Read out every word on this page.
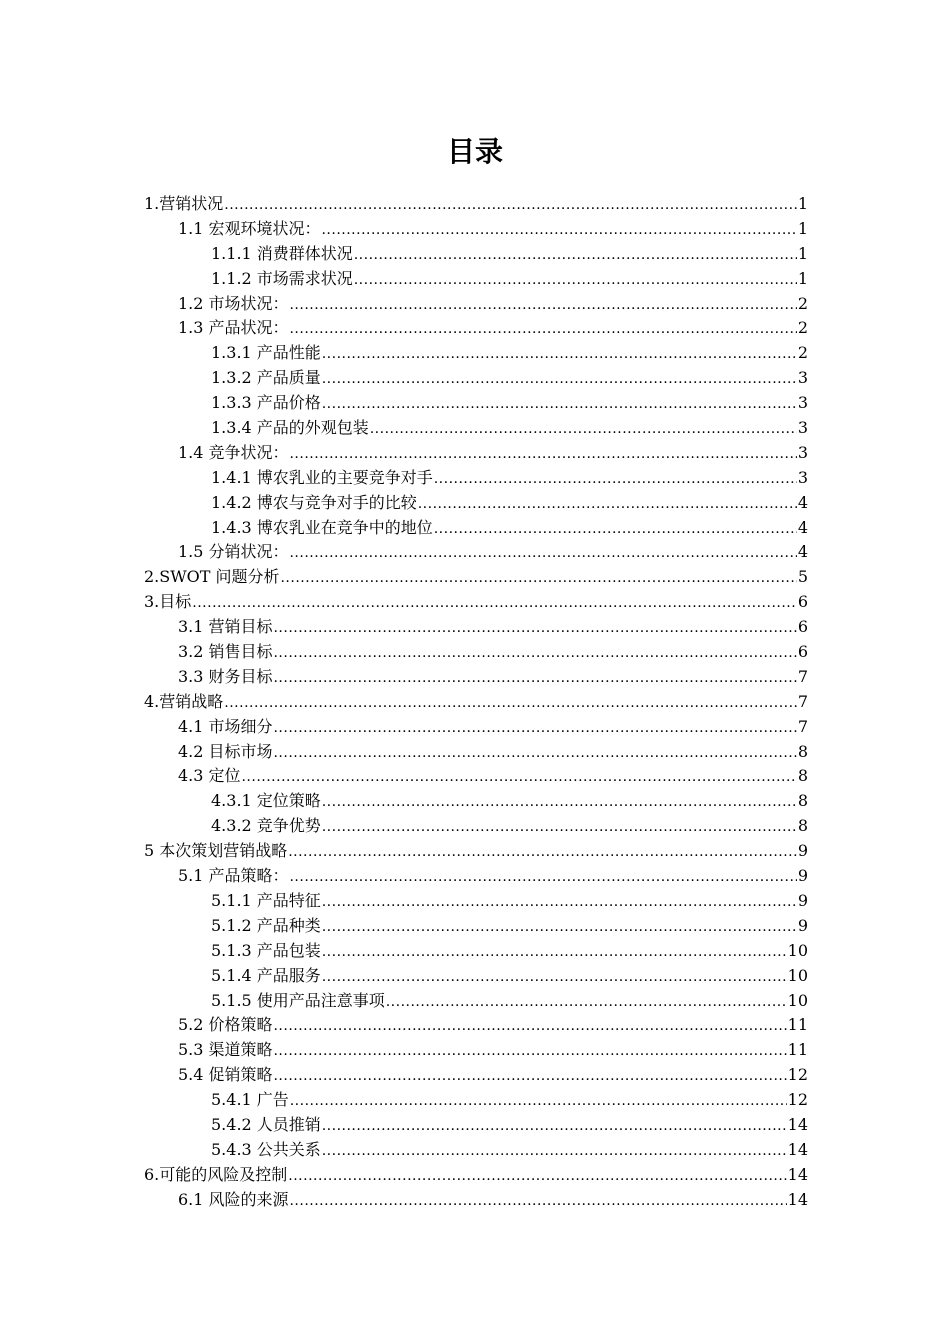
目录
1. 营销状况 .....	1
1.1 宏观环境状况： .....	1
1.1.1 消费群体状况 .....	1
1.1.2 市场需求状况 .....	1
1.2 市场状况： .....	2
1.3 产品状况： .....	2
1.3.1 产品性能 .....	2
1.3.2 产品质量 .....	3
1.3.3 产品价格 .....	3
1.3.4 产品的外观包装 .....	3
1.4 竞争状况： .....	3
1.4.1 博农乳业的主要竞争对手 .....	3
1.4.2 博农与竞争对手的比较 .....	4
1.4.3 博农乳业在竞争中的地位 .....	4
1.5 分销状况： .....	4
2.SWOT 问题分析 .....	5
3. 目标 .....	6
3.1 营销目标 .....	6
3.2 销售目标 .....	6
3.3 财务目标 .....	7
4. 营销战略 .....	7
4.1 市场细分 .....	7
4.2 目标市场 .....	8
4.3 定位 .....	8
4.3.1 定位策略 .....	8
4.3.2 竞争优势 .....	8
5 本次策划营销战略 .....	9
5.1 产品策略： .....	9
5.1.1 产品特征 .....	9
5.1.2 产品种类 .....	9
5.1.3 产品包装 .....	10
5.1.4 产品服务 .....	10
5.1.5 使用产品注意事项 .....	10
5.2 价格策略 .....	11
5.3 渠道策略 .....	11
5.4 促销策略 .....	12
5.4.1 广告 .....	12
5.4.2 人员推销 .....	14
5.4.3 公共关系 .....	14
6. 可能的风险及控制 .....	14
6.1 风险的来源 .....	14
